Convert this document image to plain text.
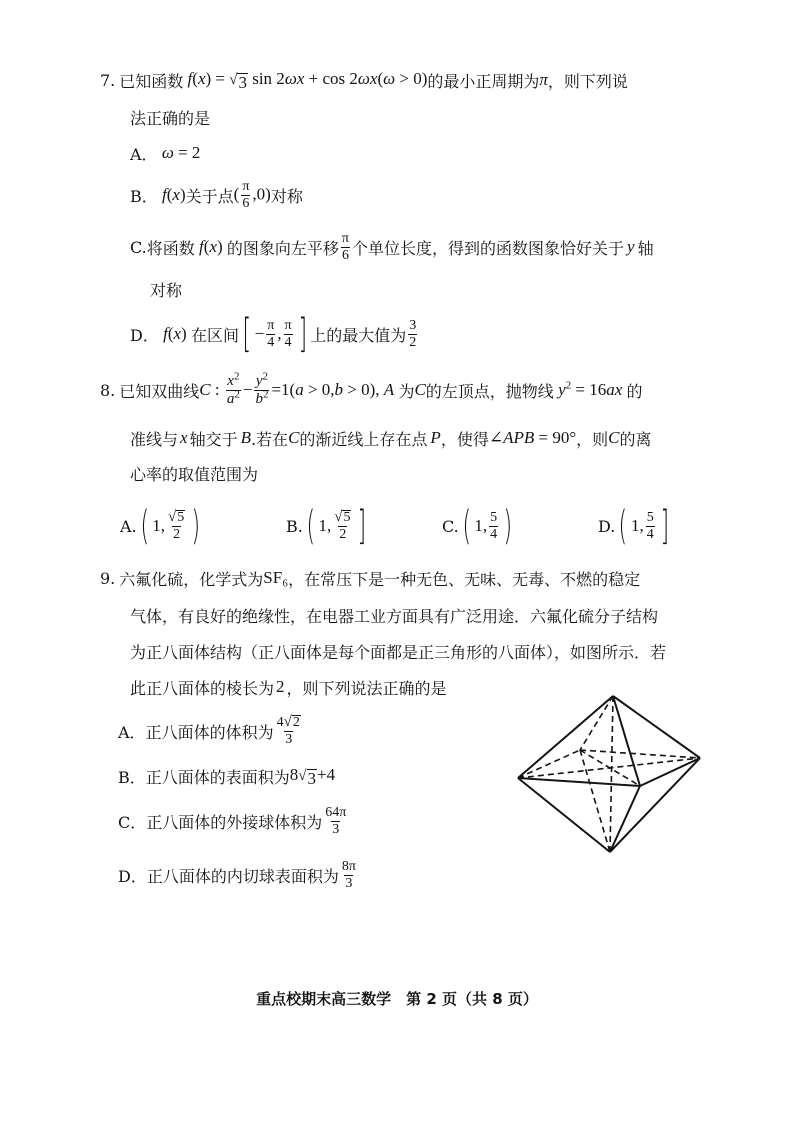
7. 已知函数 f(x) = √ 3 sin 2ωx + cos 2ωx(ω > 0) 的最小正周期为 π ，则下列说
法正确的是
A． ω = 2
B． f(x) 关于点 ( $\frac{\pi}{6} ,0$) 对称
C. 将函数 f(x) 的图象向左平移 $\frac{\pi}{6}$ 个单位长度，得到的函数图象恰好关于 y 轴
对称
D． f(x) 在区间 [ − $\frac{\pi}{4}$ , $\frac{\pi}{4}$ ] 上的最大值为 $\frac{3}{2}$
8. 已知双曲线 C : $\frac{x^2}{a^2} - \frac{y^2}{b^2} =1$( a > 0, b > 0), A
为 C 的左顶点，抛物线 $y^2 = 16ax$ 的
准线与 x 轴交于 B .若在 C 的渐近线上存在点 P ，使得 ∠APB = 90° ，则 C 的离
心率的取值范围为
A. ( 1, $\frac{√ 5}{2}$ )	B. ( 1, $\frac{√ 5}{2}$ ]	C. ( 1, $\frac{5}{4}$ )	D. ( 1, $\frac{5}{4}$ ]
9. 六氟化硫，化学式为 SF₆ ，在常压下是一种无色、无味、无毒、不燃的稳定
气体，有良好的绝缘性，在电器工业方面具有广泛用途．六氟化硫分子结构
为正八面体结构（正八面体是每个面都是正三角形的八面体），如图所示．若
此正八面体的棱长为 2 ，则下列说法正确的是
A． 正八面体的体积为 $\frac{4 √ 2}{3}$
B． 正八面体的表面积为 8 √ 3 +4
C． 正八面体的外接球体积为 $\frac{64\pi}{3}$
D． 正八面体的内切球表面积为 $\frac{8\pi}{3}$
重点校期末高三数学　第 2 页（共 8 页）
